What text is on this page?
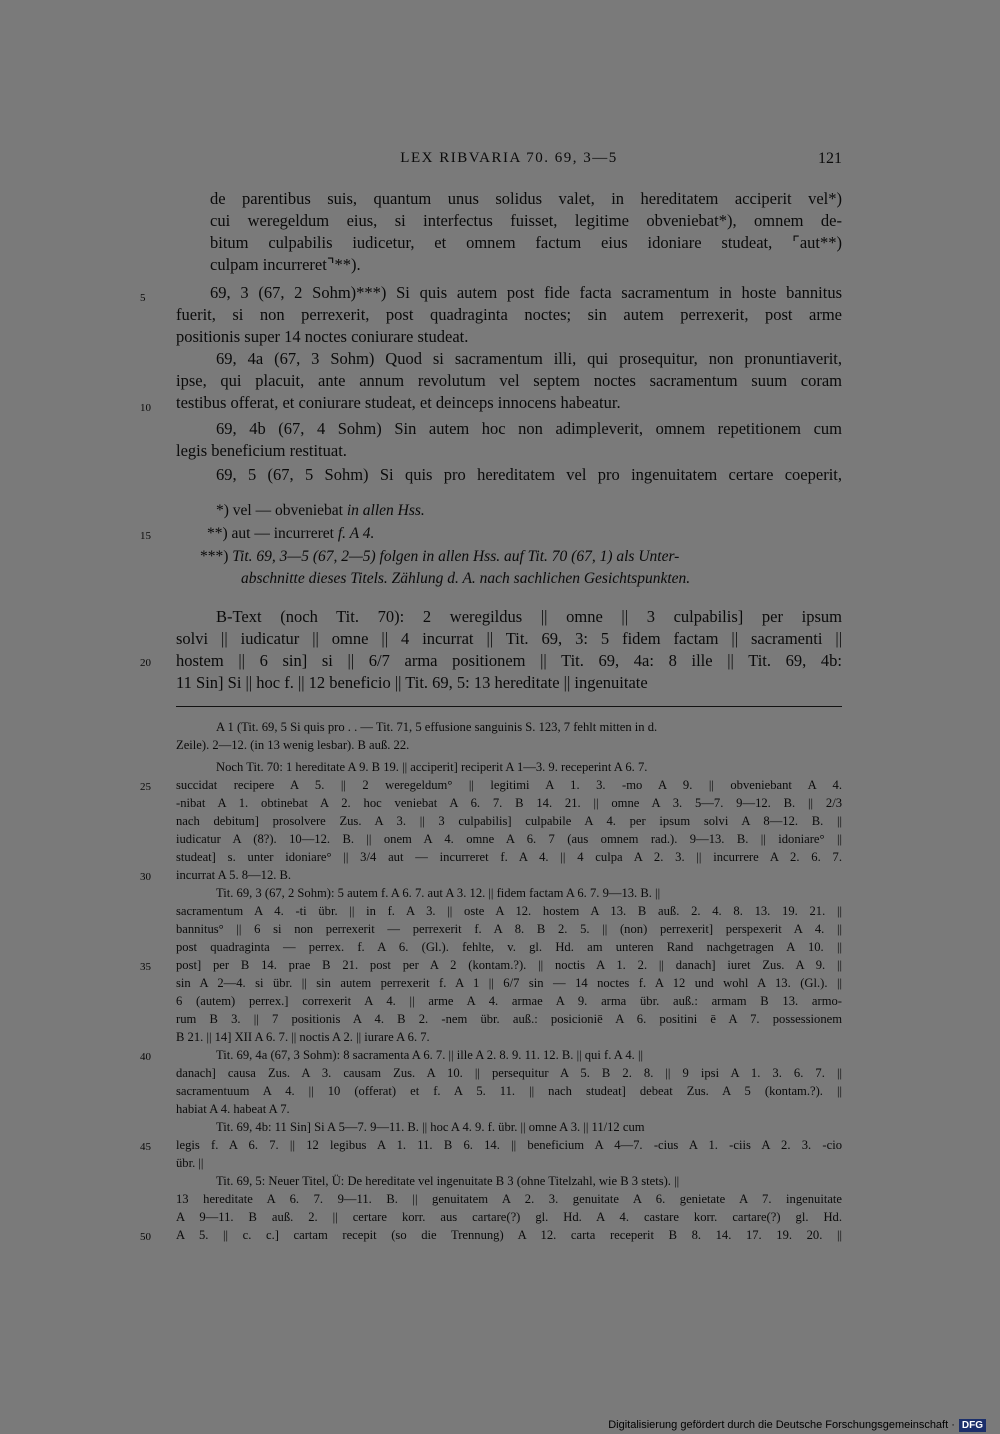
LEX RIBVARIA 70. 69, 3—5	121
de parentibus suis, quantum unus solidus valet, in hereditatem acciperit vel*)
cui weregeldum eius, si interfectus fuisset, legitime obveniebat*), omnem de-
bitum culpabilis iudicetur, et omnem factum eius idoniare studeat, ⌜aut**)
culpam incurreret⌝**).
69, 3 (67, 2 Sohm)***) Si quis autem post fide facta sacramentum in hoste bannitus
fuerit, si non perrexerit, post quadraginta noctes; sin autem perrexerit, post arme
positionis super 14 noctes coniurare studeat.
69, 4a (67, 3 Sohm) Quod si sacramentum illi, qui prosequitur, non pronuntiaverit,
ipse, qui placuit, ante annum revolutum vel septem noctes sacramentum suum coram
testibus offerat, et coniurare studeat, et deinceps innocens habeatur.
69, 4b (67, 4 Sohm) Sin autem hoc non adimpleverit, omnem repetitionem cum
legis beneficium restituat.
69, 5 (67, 5 Sohm) Si quis pro hereditatem vel pro ingenuitatem certare coeperit,
*) vel — obveniebat in allen Hss.
**) aut — incurreret f. A 4.
***) Tit. 69, 3—5 (67, 2—5) folgen in allen Hss. auf Tit. 70 (67, 1) als Unter-
abschnitte dieses Titels. Zählung d. A. nach sachlichen Gesichtspunkten.
B-Text (noch Tit. 70): 2 weregildus || omne || 3 culpabilis] per ipsum
solvi || iudicatur || omne || 4 incurrat || Tit. 69, 3: 5 fidem factam || sacramenti ||
hostem || 6 sin] si || 6/7 arma positionem || Tit. 69, 4a: 8 ille || Tit. 69, 4b:
11 Sin] Si || hoc f. || 12 beneficio || Tit. 69, 5: 13 hereditate || ingenuitate
A 1 (Tit. 69, 5 Si quis pro . . — Tit. 71, 5 effusione sanguinis S. 123, 7 fehlt mitten in d.
Zeile). 2—12. (in 13 wenig lesbar). B auß. 22.
Noch Tit. 70: 1 hereditate A 9. B 19. || acciperit] reciperit A 1—3. 9. receperint A 6. 7.
succidat recipere A 5. || 2 weregeldum° || legitimi A 1. 3. -mo A 9. || obveniebant A 4.
-nibat A 1. obtinebat A 2. hoc veniebat A 6. 7. B 14. 21. || omne A 3. 5—7. 9—12. B. || 2/3
nach debitum] prosolvere Zus. A 3. || 3 culpabilis] culpabile A 4. per ipsum solvi A 8—12. B. ||
iudicatur A (8?). 10—12. B. || onem A 4. omne A 6. 7 (aus omnem rad.). 9—13. B. || idoniare° ||
studeat] s. unter idoniare° || 3/4 aut — incurreret f. A 4. || 4 culpa A 2. 3. || incurrere A 2. 6. 7.
incurrat A 5. 8—12. B.
Tit. 69, 3 (67, 2 Sohm): 5 autem f. A 6. 7. aut A 3. 12. || fidem factam A 6. 7. 9—13. B. ||
sacramentum A 4. -ti übr. || in f. A 3. || oste A 12. hostem A 13. B auß. 2. 4. 8. 13. 19. 21. ||
bannitus° || 6 si non perrexerit — perrexerit f. A 8. B 2. 5. || (non) perrexerit] perspexerit A 4. ||
post quadraginta — perrex. f. A 6. (Gl.). fehlte, v. gl. Hd. am unteren Rand nachgetragen A 10. ||
post] per B 14. prae B 21. post per A 2 (kontam.?). || noctis A 1. 2. || danach] iuret Zus. A 9. ||
sin A 2—4. si übr. || sin autem perrexerit f. A 1 || 6/7 sin — 14 noctes f. A 12 und wohl A 13. (Gl.). ||
6 (autem) perrex.] correxerit A 4. || arme A 4. armae A 9. arma übr. auß.: armam B 13. armo-
rum B 3. || 7 positionis A 4. B 2. -nem übr. auß.: posicioniē A 6. positini ē A 7. possessionem
B 21. || 14] XII A 6. 7. || noctis A 2. || iurare A 6. 7.
Tit. 69, 4a (67, 3 Sohm): 8 sacramenta A 6. 7. || ille A 2. 8. 9. 11. 12. B. || qui f. A 4. ||
danach] causa Zus. A 3. causam Zus. A 10. || persequitur A 5. B 2. 8. || 9 ipsi A 1. 3. 6. 7. ||
sacramentuum A 4. || 10 (offerat) et f. A 5. 11. || nach studeat] debeat Zus. A 5 (kontam.?). ||
habiat A 4. habeat A 7.
Tit. 69, 4b: 11 Sin] Si A 5—7. 9—11. B. || hoc A 4. 9. f. übr. || omne A 3. || 11/12 cum
legis f. A 6. 7. || 12 legibus A 1. 11. B 6. 14. || beneficium A 4—7. -cius A 1. -ciis A 2. 3. -cio
übr. ||
Tit. 69, 5: Neuer Titel, Ü: De hereditate vel ingenuitate B 3 (ohne Titelzahl, wie B 3 stets). ||
13 hereditate A 6. 7. 9—11. B. || genuitatem A 2. 3. genuitate A 6. genietate A 7. ingenuitate
A 9—11. B auß. 2. || certare korr. aus cartare(?) gl. Hd. A 4. castare korr. cartare(?) gl. Hd.
A 5. || c. c.] cartam recepit (so die Trennung) A 12. carta receperit B 8. 14. 17. 19. 20. ||
5
10
15
20
25
30
35
40
45
50
Digitalisierung gefördert durch die Deutsche Forschungsgemeinschaft · DFG
